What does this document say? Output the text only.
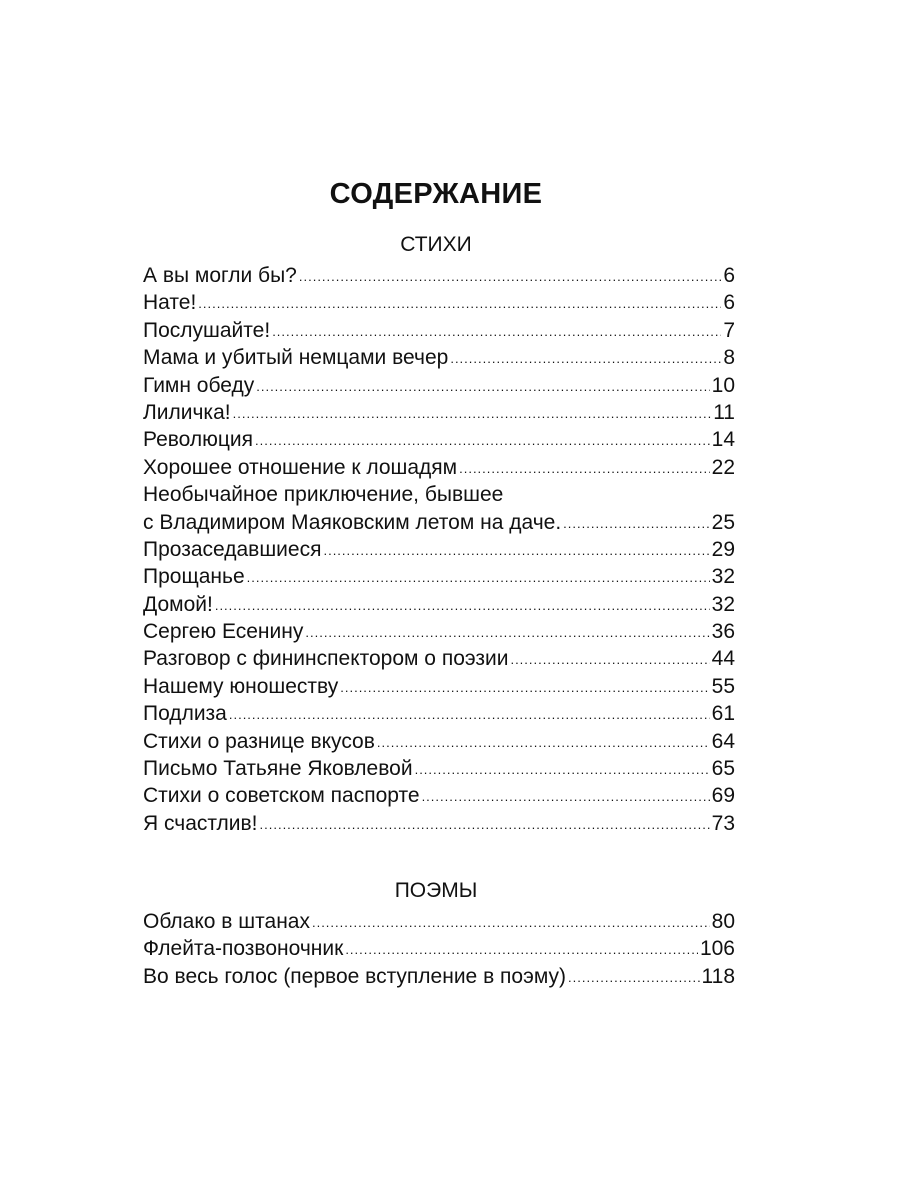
СОДЕРЖАНИЕ
СТИХИ
А вы могли бы? .....	6
Нате! .....	6
Послушайте! .....	7
Мама и убитый немцами вечер .....	8
Гимн обеду .....	10
Лиличка! .....	11
Революция .....	14
Хорошее отношение к лошадям .....	22
Необычайное приключение, бывшее
с Владимиром Маяковским летом на даче. .....	25
Прозаседавшиеся .....	29
Прощанье .....	32
Домой! .....	32
Сергею Есенину .....	36
Разговор с фининспектором о поэзии .....	44
Нашему юношеству .....	55
Подлиза .....	61
Стихи о разнице вкусов .....	64
Письмо Татьяне Яковлевой .....	65
Стихи о советском паспорте .....	69
Я счастлив! .....	73
ПОЭМЫ
Облако в штанах .....	80
Флейта-позвоночник .....	106
Во весь голос (первое вступление в поэму) .....	118
